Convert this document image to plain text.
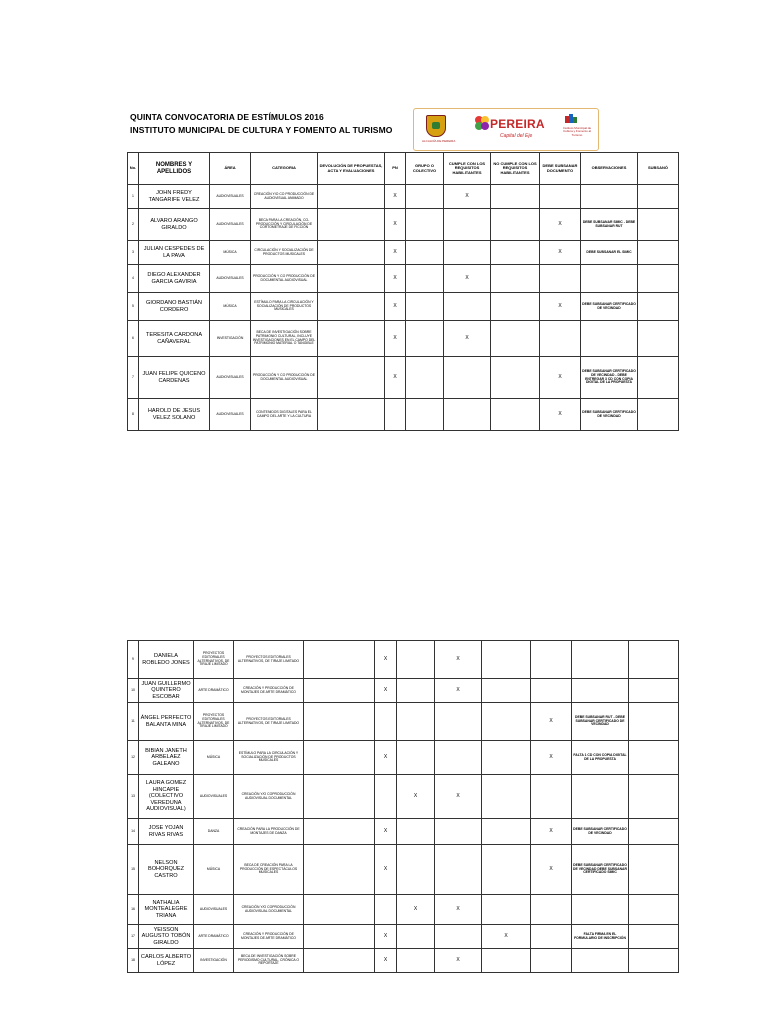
QUINTA CONVOCATORIA DE ESTÍMULOS 2016
INSTITUTO MUNICIPAL DE CULTURA Y FOMENTO AL TURISMO
ALCALDÍA DE PEREIRA
PEREIRA
Capital del Eje
Instituto Municipal de Cultura y Fomento al Turismo
No.	NOMBRES Y APELLIDOS	ÁREA	CATEGORIA	DEVOLUCIÓN DE PROPUESTAS, ACTA Y EVALUACIONES	PN	GRUPO O COLECTIVO	CUMPLE CON LOS REQUISITOS HABILITANTES	NO CUMPLE CON LOS REQUISITOS HABILITANTES	DEBE SUBSANAR DOCUMENTO	OBSERVACIONES	SUBSANÓ
1	JOHN FREDY TANGARIFE VELEZ	AUDIOVISUALES	CREACIÓN Y/O CO PRODUCCIÓN DE AUDIOVISUAL ANIMADO		X		X				
2	ALVARO ARANGO GIRALDO	AUDIOVISUALES	BECA PARA LA CREACIÓN, CO-PRODUCCIÓN Y CIRCULACIÓN DE CORTOMETRAJE DE FICCIÓN		X				X	DEBE SUBSANAR SIMIC - DEBE SUBSANAR RUT	
3	JULIAN CESPEDES DE LA PAVA	MÚSICA	CIRCULACIÓN Y SOCIALIZACIÓN DE PRODUCTOS MUSICALES		X				X	DEBE SUBSANAR EL SIMIC	
4	DIEGO ALEXANDER GARCIA GAVIRIA	AUDIOVISUALES	PRODUCCIÓN Y CO PRODUCCIÓN DE DOCUMENTAL AUDIOVISUAL		X		X				
5	GIORDANO BASTIÁN CORDERO	MÚSICA	ESTÍMULO PARA LA CIRCULACIÓN Y SOCIALIZACIÓN DE PRODUCTOS MUSICALES		X				X	DEBE SUBSANAR CERTIFICADO DE VECINDAD	
6	TERESITA CARDONA CAÑAVERAL	INVESTIGACIÓN	BECA DE INVESTIGACIÓN SOBRE PATRIMONIO CULTURAL, INCLUYE INVESTIGACIONES EN EL CAMPO DEL PATRIMONIO MATERIAL O TANGIBLE		X		X				
7	JUAN FELIPE QUICENO CARDENAS	AUDIOVISUALES	PRODUCCIÓN Y CO PRODUCCIÓN DE DOCUMENTAL AUDIOVISUAL		X				X	DEBE SUBSANAR CERTIFICADO DE VECINDAD - DEBE ENTREGAR 3 CD CON COPIA DIGITAL DE LA PROPUESTA	
8	HAROLD DE JESUS VELEZ SOLANO	AUDIOVISUALES	CONTENIDOS DIGITALES PARA EL CAMPO DEL ARTE Y LA CULTURA						X	DEBE SUBSANAR CERTIFICADO DE VECINDAD	
9	DANIELA ROBLEDO JONES	PROYECTOS EDITORIALES ALTERNATIVOS, DE TIRAJE LIMITADO	PROYECTOS EDITORIALES ALTERNATIVOS, DE TIRAJE LIMITADO		X		X				
10	JUAN GUILLERMO QUINTERO ESCOBAR	ARTE DRAMÁTICO	CREACIÓN Y PRODUCCIÓN DE MONTAJES DE ARTE DRAMÁTICO		X		X				
11	ÁNGEL PERFECTO BALANTA MINA	PROYECTOS EDITORIALES ALTERNATIVOS, DE TIRAJE LIMITADO	PROYECTOS EDITORIALES ALTERNATIVOS, DE TIRAJE LIMITADO						X	DEBE SUBSANAR RUT - DEBE SUBSANAR CERTIFICADO DE VECINDAD	
12	BIBIAN JANETH ARBELAEZ GALEANO	MÚSICA	ESTÍMULO PARA LA CIRCULACIÓN Y SOCIALIZACIÓN DE PRODUCTOS MUSICALES		X				X	FALTA 1 CD CON COPIA DIGITAL DE LA PROPUESTA	
13	LAURA GOMEZ HINCAPIE (COLECTIVO VEREDUNA AUDIOVISUAL)	AUDIOVISUALES	CREACIÓN Y/O COPRODUCCIÓN AUDIOVISUAL DOCUMENTAL			X	X				
14	JOSE YOJAN RIVAS RIVAS	DANZA	CREACIÓN PARA LA PRODUCCIÓN DE MONTAJES DE DANZA		X				X	DEBE SUBSANAR CERTIFICADO DE VECINDAD	
15	NELSON BOHORQUEZ CASTRO	MÚSICA	BECA DE CREACIÓN PARA LA PRODUCCIÓN DE ESPECTÁCULOS MUSICALES		X				X	DEBE SUBSANAR CERTIFICADO DE VECINDAD DEBE SUBSANAR CERTIFICADO SIMIC	
16	NATHALIA MONTEALEGRE TRIANA	AUDIOVISUALES	CREACIÓN Y/O COPRODUCCIÓN AUDIOVISUAL DOCUMENTAL			X	X				
17	YEISSON AUGUSTO TOBÓN GIRALDO	ARTE DRAMÁTICO	CREACIÓN Y PRODUCCIÓN DE MONTAJES DE ARTE DRAMÁTICO		X			X		FALTA FIRMA EN EL FORMULARIO DE INSCRIPCIÓN	
18	CARLOS ALBERTO LÓPEZ	INVESTIGACIÓN	BECA DE INVESTIGACIÓN SOBRE PERIODISMO CULTURAL, CRÓNICA O REPORTAJE		X		X				
